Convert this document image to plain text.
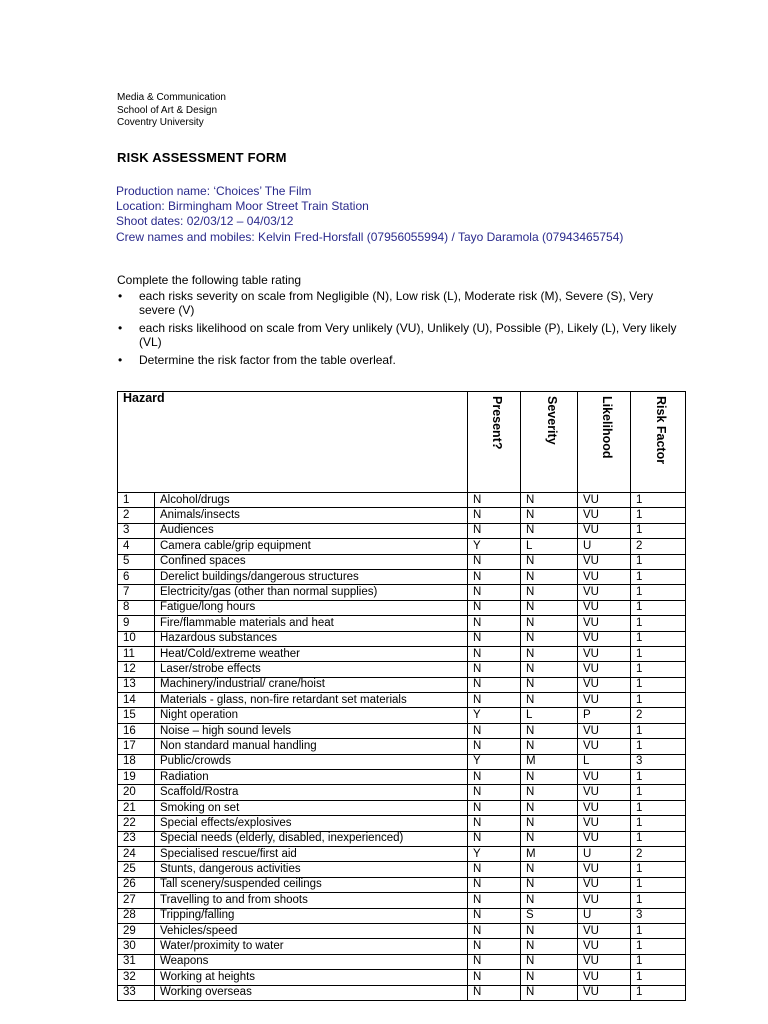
Media & Communication
School of Art & Design
Coventry University
RISK ASSESSMENT FORM
Production name: ‘Choices’ The Film
Location: Birmingham Moor Street Train Station
Shoot dates: 02/03/12 – 04/03/12
Crew names and mobiles: Kelvin Fred-Horsfall (07956055994) / Tayo Daramola (07943465754)
Complete the following table rating
• each risks severity on scale from Negligible (N), Low risk (L), Moderate risk (M), Severe (S), Very severe (V)
• each risks likelihood on scale from Very unlikely (VU), Unlikely (U), Possible (P), Likely (L), Very likely (VL)
• Determine the risk factor from the table overleaf.
Hazard		Present?	Severity	Likelihood	Risk Factor
1	Alcohol/drugs	N	N	VU	1
2	Animals/insects	N	N	VU	1
3	Audiences	N	N	VU	1
4	Camera cable/grip equipment	Y	L	U	2
5	Confined spaces	N	N	VU	1
6	Derelict buildings/dangerous structures	N	N	VU	1
7	Electricity/gas (other than normal supplies)	N	N	VU	1
8	Fatigue/long hours	N	N	VU	1
9	Fire/flammable materials and heat	N	N	VU	1
10	Hazardous substances	N	N	VU	1
11	Heat/Cold/extreme weather	N	N	VU	1
12	Laser/strobe effects	N	N	VU	1
13	Machinery/industrial/ crane/hoist	N	N	VU	1
14	Materials - glass, non-fire retardant set materials	N	N	VU	1
15	Night operation	Y	L	P	2
16	Noise – high sound levels	N	N	VU	1
17	Non standard manual handling	N	N	VU	1
18	Public/crowds	Y	M	L	3
19	Radiation	N	N	VU	1
20	Scaffold/Rostra	N	N	VU	1
21	Smoking on set	N	N	VU	1
22	Special effects/explosives	N	N	VU	1
23	Special needs (elderly, disabled, inexperienced)	N	N	VU	1
24	Specialised rescue/first aid	Y	M	U	2
25	Stunts, dangerous activities	N	N	VU	1
26	Tall scenery/suspended ceilings	N	N	VU	1
27	Travelling to and from shoots	N	N	VU	1
28	Tripping/falling	N	S	U	3
29	Vehicles/speed	N	N	VU	1
30	Water/proximity to water	N	N	VU	1
31	Weapons	N	N	VU	1
32	Working at heights	N	N	VU	1
33	Working overseas	N	N	VU	1
